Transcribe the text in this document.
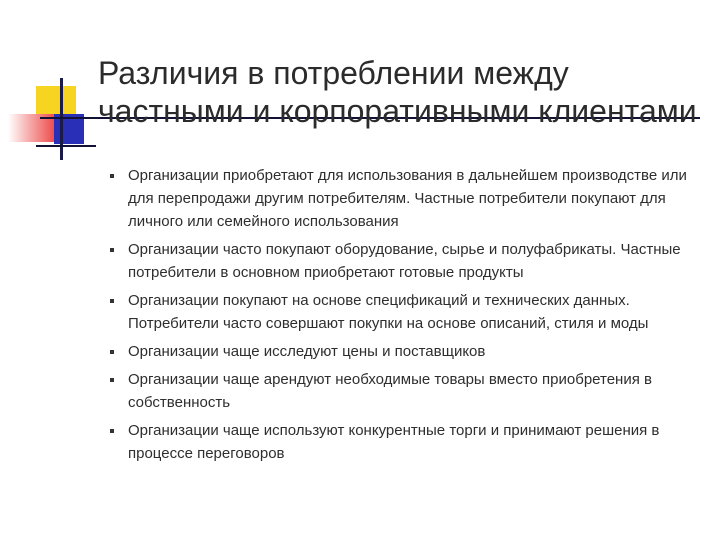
Различия в потреблении между
частными и корпоративными клиентами
Организации приобретают для использования в дальнейшем производстве или для перепродажи другим потребителям. Частные потребители покупают для личного или семейного использования
Организации часто покупают оборудование, сырье и полуфабрикаты. Частные потребители в основном приобретают готовые продукты
Организации покупают на основе спецификаций и технических данных. Потребители часто совершают покупки на основе описаний, стиля и моды
Организации чаще исследуют цены и поставщиков
Организации чаще арендуют необходимые товары вместо приобретения в собственность
Организации чаще используют конкурентные торги и принимают решения в процессе переговоров
